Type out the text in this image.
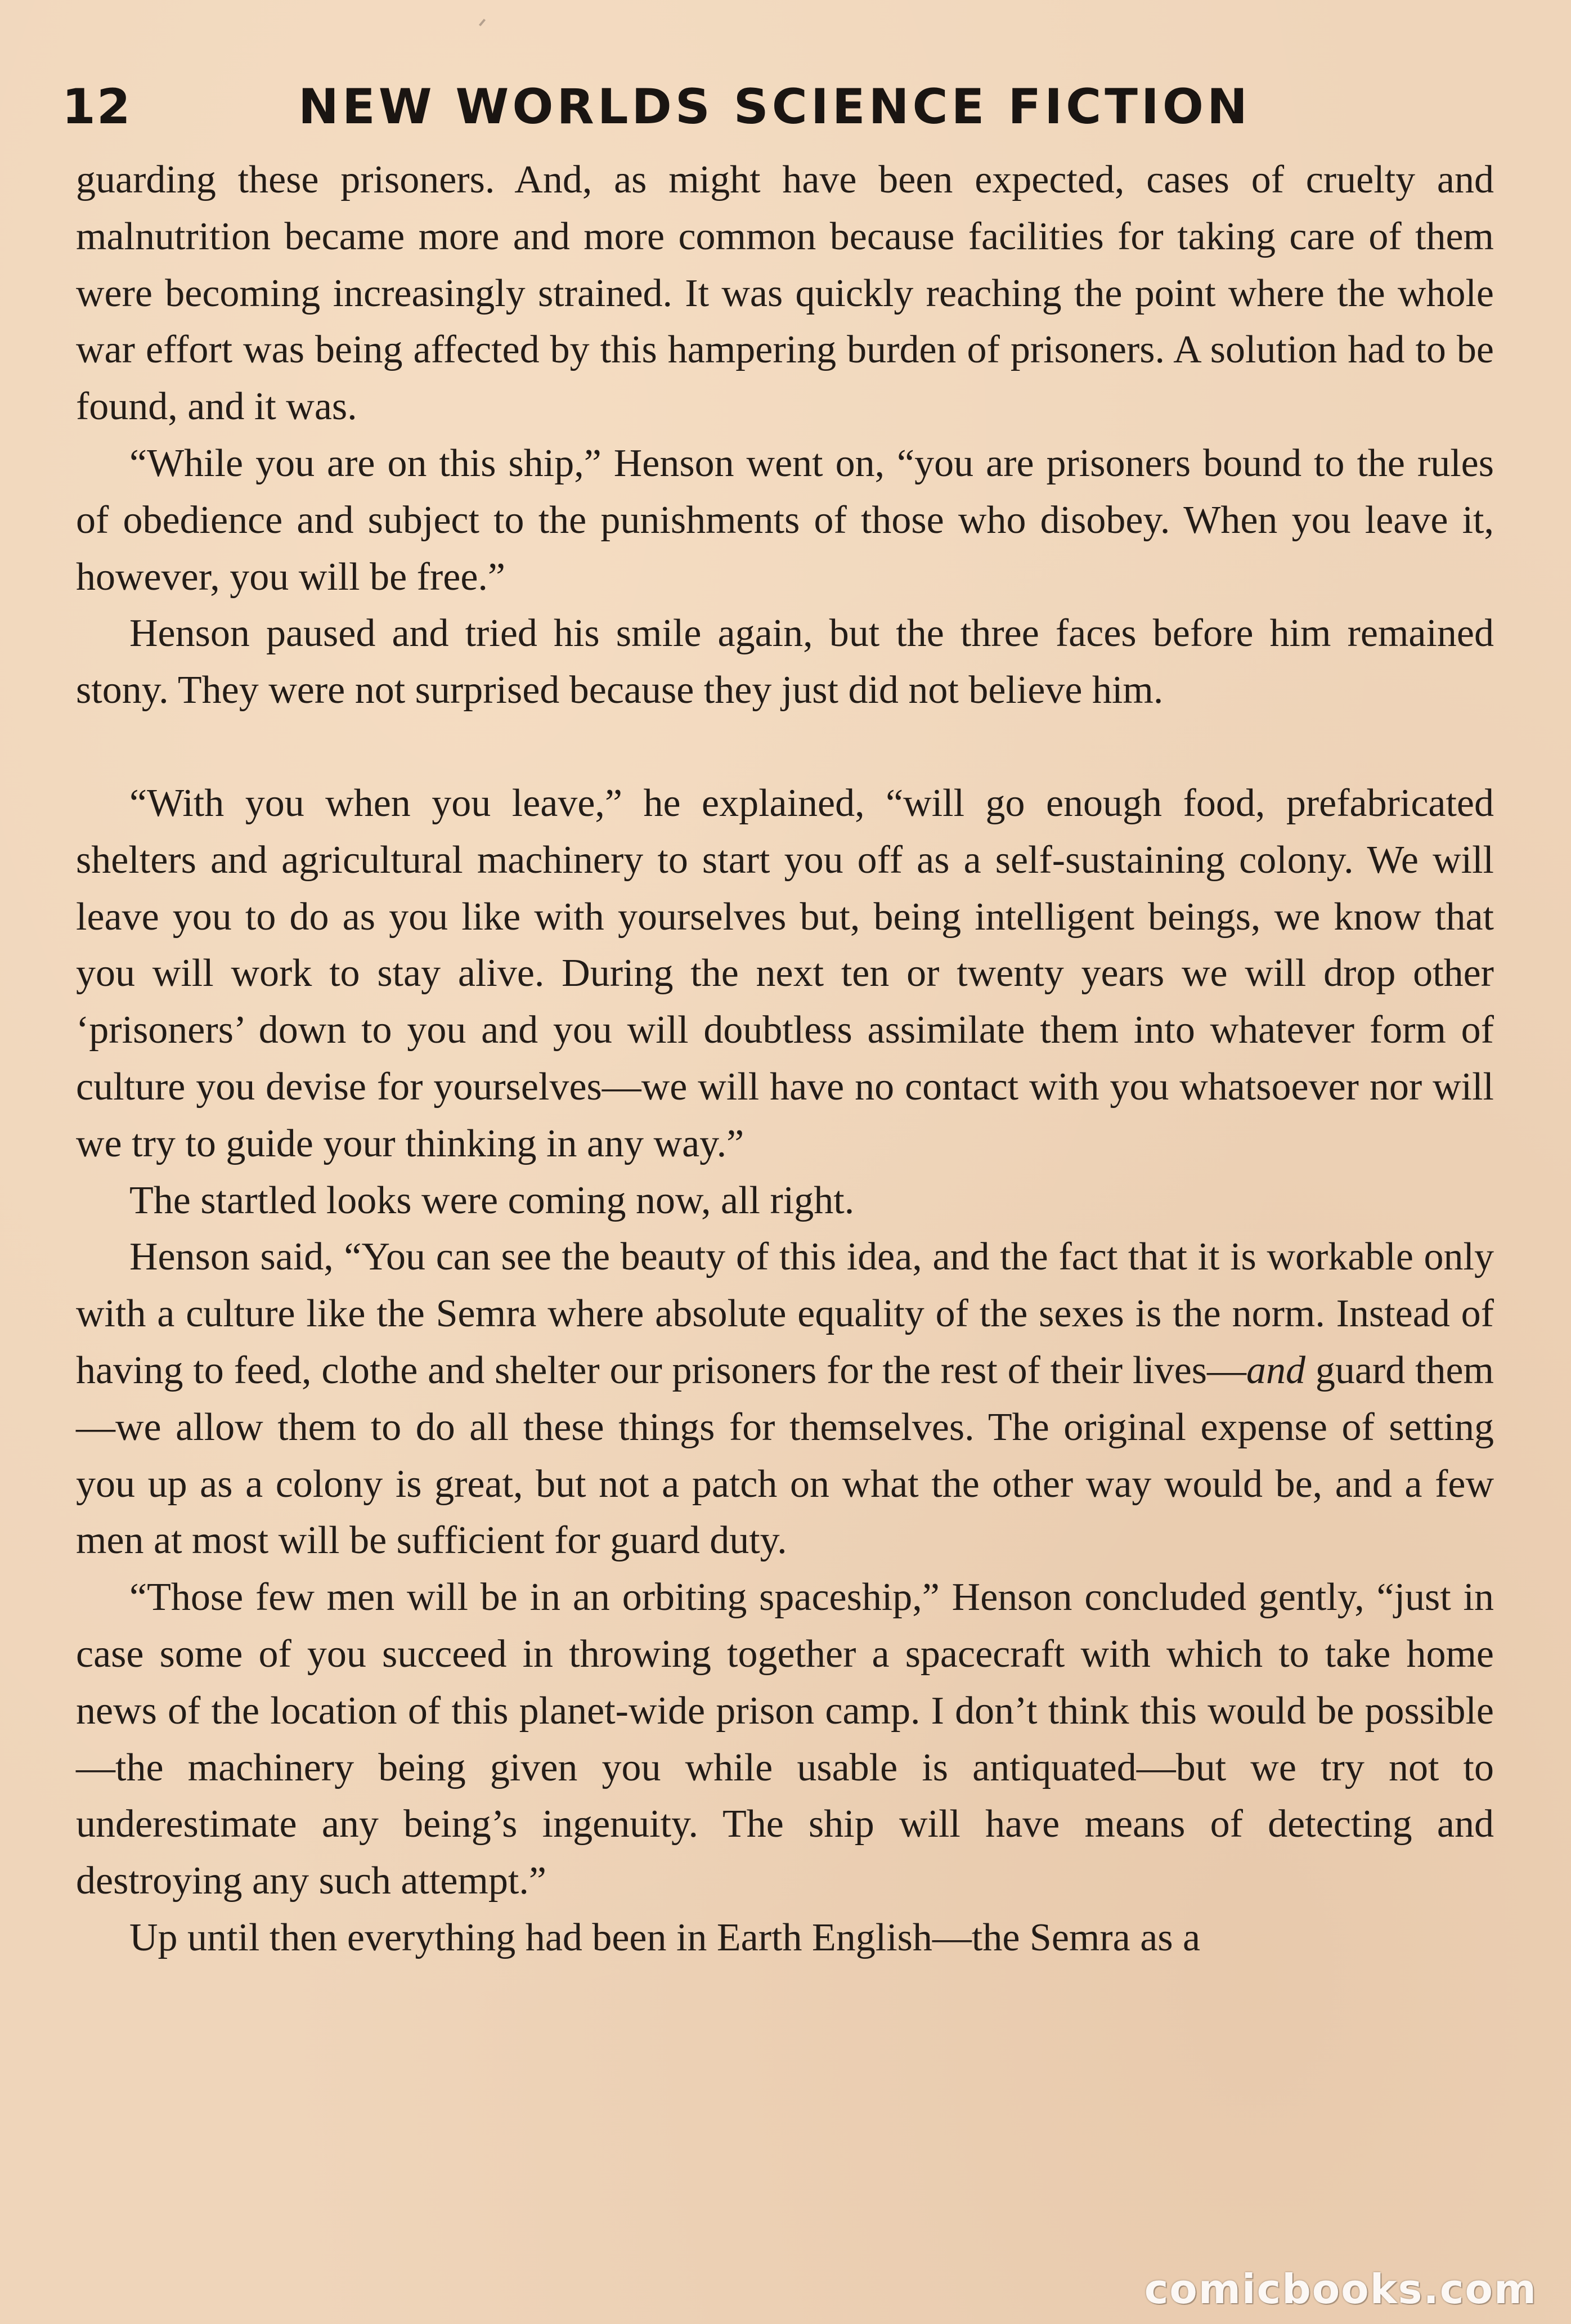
12	NEW WORLDS SCIENCE FICTION

guarding these prisoners. And, as might have been expected, cases of cruelty and malnutrition became more and more common because facilities for taking care of them were becoming increasingly strained. It was quickly reaching the point where the whole war effort was being affected by this hampering burden of prisoners. A solution had to be found, and it was.

“While you are on this ship,” Henson went on, “you are prisoners bound to the rules of obedience and subject to the punishments of those who disobey. When you leave it, however, you will be free.”

Henson paused and tried his smile again, but the three faces before him remained stony. They were not surprised because they just did not believe him.

“With you when you leave,” he explained, “will go enough food, prefabricated shelters and agricultural machinery to start you off as a self-sustaining colony. We will leave you to do as you like with yourselves but, being intelligent beings, we know that you will work to stay alive. During the next ten or twenty years we will drop other ‘prisoners’ down to you and you will doubtless assimilate them into whatever form of culture you devise for yourselves—we will have no contact with you whatsoever nor will we try to guide your thinking in any way.”

The startled looks were coming now, all right.

Henson said, “You can see the beauty of this idea, and the fact that it is workable only with a culture like the Semra where absolute equality of the sexes is the norm. Instead of having to feed, clothe and shelter our prisoners for the rest of their lives—and guard them—we allow them to do all these things for themselves. The original expense of setting you up as a colony is great, but not a patch on what the other way would be, and a few men at most will be sufficient for guard duty.

“Those few men will be in an orbiting spaceship,” Henson concluded gently, “just in case some of you succeed in throwing together a spacecraft with which to take home news of the location of this planet-wide prison camp. I don’t think this would be possible—the machinery being given you while usable is antiquated—but we try not to underestimate any being’s ingenuity. The ship will have means of detecting and destroying any such attempt.”

Up until then everything had been in Earth English—the Semra as a

comicbooks.com
